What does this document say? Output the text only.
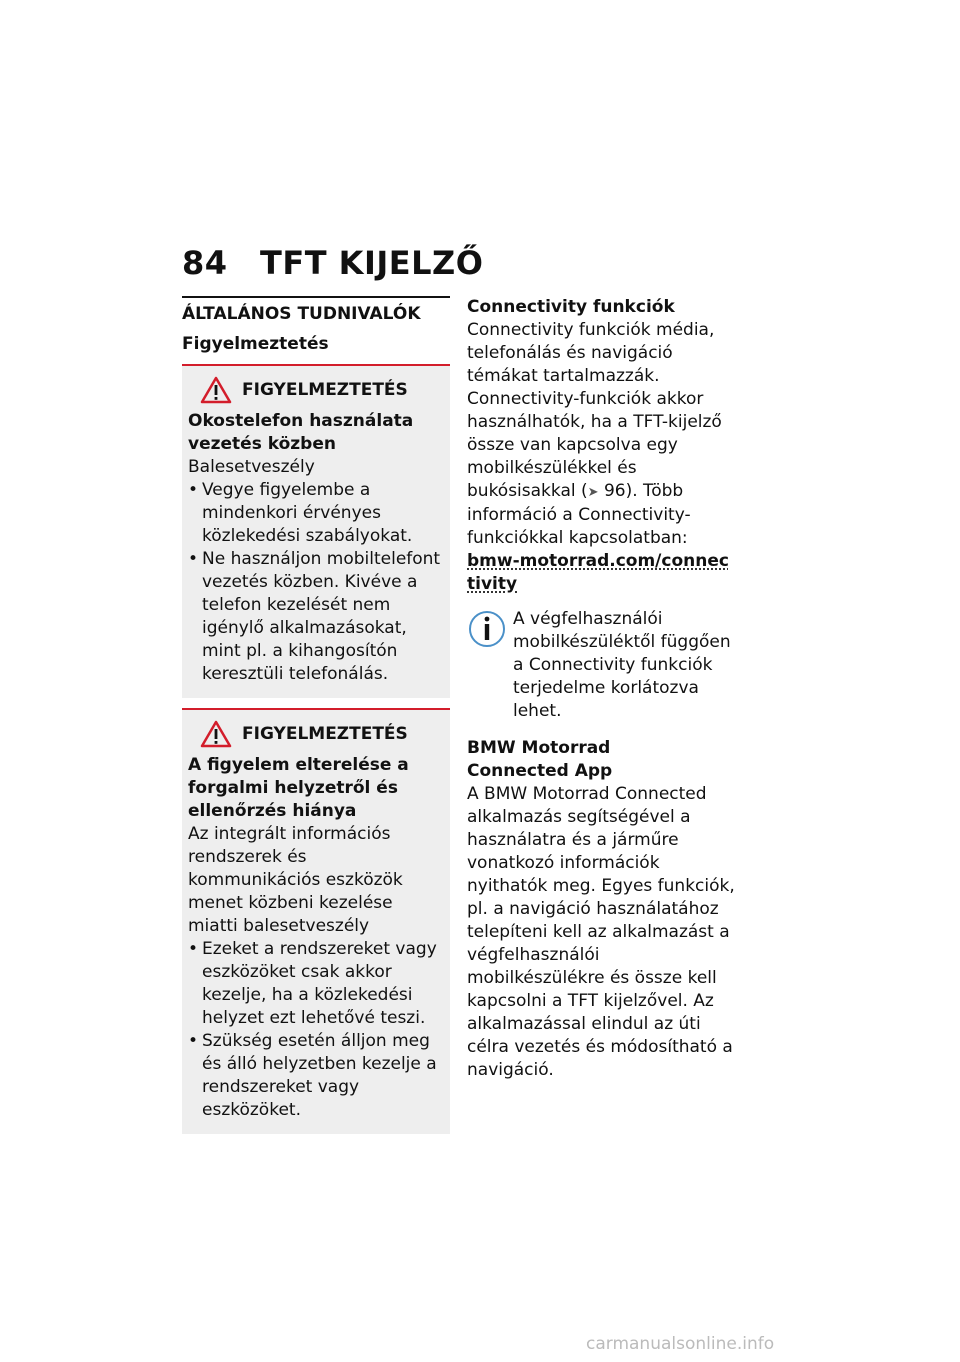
84 TFT KIJELZŐ
ÁLTALÁNOS TUDNIVALÓK
Figyelmeztetés
FIGYELMEZTETÉS
Okostelefon használata vezetés közben
Balesetveszély
• Vegye figyelembe a mindenkori érvényes közlekedési szabályokat.
• Ne használjon mobiltelefont vezetés közben. Kivéve a telefon kezelését nem igénylő alkalmazásokat, mint pl. a kihangosítón keresztüli telefonálás.
FIGYELMEZTETÉS
A figyelem elterelése a forgalmi helyzetről és ellenőrzés hiánya
Az integrált információs rendszerek és kommunikációs eszközök menet közbeni kezelése miatti balesetveszély
• Ezeket a rendszereket vagy eszközöket csak akkor kezelje, ha a közlekedési helyzet ezt lehetővé teszi.
• Szükség esetén álljon meg és álló helyzetben kezelje a rendszereket vagy eszközöket.
Connectivity funkciók
Connectivity funkciók média, telefonálás és navigáció témákat tartalmazzák. Connectivity-funkciók akkor használhatók, ha a TFT-kijelző össze van kapcsolva egy mobilkészülékkel és bukósisakkal (➤ 96). Több információ a Connectivity-funkciókkal kapcsolatban:
bmw-motorrad.com/connectivity
A végfelhasználói mobilkészüléktől függően a Connectivity funkciók terjedelme korlátozva lehet.
BMW Motorrad
Connected App
A BMW Motorrad Connected alkalmazás segítségével a használatra és a járműre vonatkozó információk nyithatók meg. Egyes funkciók, pl. a navigáció használatához telepíteni kell az alkalmazást a végfelhasználói mobilkészülékre és össze kell kapcsolni a TFT kijelzővel. Az alkalmazással elindul az úti célra vezetés és módosítható a navigáció.
carmanualsonline.info
